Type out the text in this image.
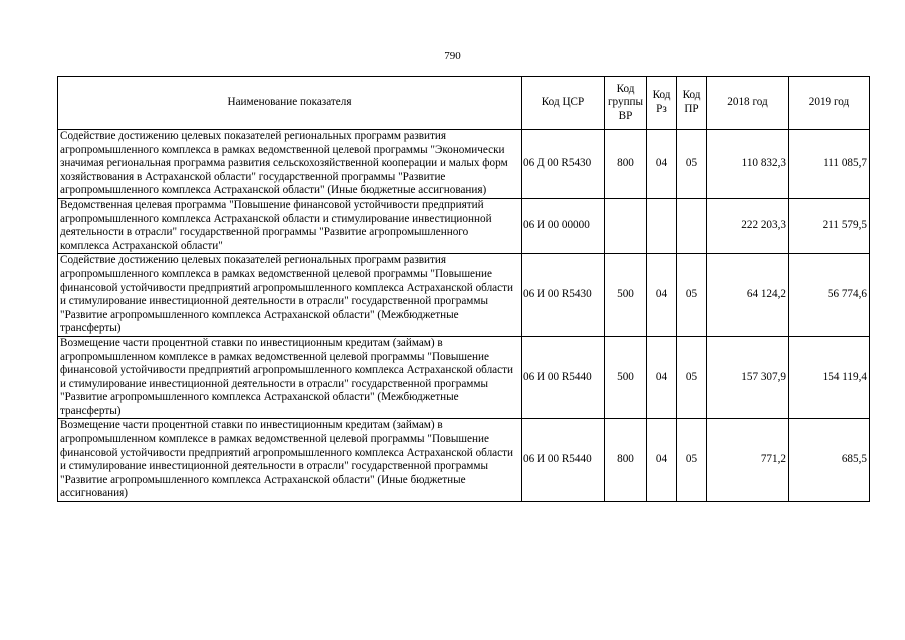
790
Наименование показателя	Код ЦСР	Код группы ВР	Код Рз	Код ПР	2018 год	2019 год
Содействие достижению целевых показателей региональных программ развития агропромышленного комплекса в рамках ведомственной целевой программы "Экономически значимая региональная программа развития сельскохозяйственной кооперации и малых форм хозяйствования в Астраханской области" государственной программы "Развитие агропромышленного комплекса Астраханской области" (Иные бюджетные ассигнования)	06 Д 00 R5430	800	04	05	110 832,3	111 085,7
Ведомственная целевая программа "Повышение финансовой устойчивости предприятий агропромышленного комплекса Астраханской области и стимулирование инвестиционной деятельности в отрасли" государственной программы "Развитие агропромышленного комплекса Астраханской области"	06 И 00 00000				222 203,3	211 579,5
Содействие достижению целевых показателей региональных программ развития агропромышленного комплекса в рамках ведомственной целевой программы "Повышение финансовой устойчивости предприятий агропромышленного комплекса Астраханской области и стимулирование инвестиционной деятельности в отрасли" государственной программы "Развитие агропромышленного комплекса Астраханской области" (Межбюджетные трансферты)	06 И 00 R5430	500	04	05	64 124,2	56 774,6
Возмещение части процентной ставки по инвестиционным кредитам (займам) в агропромышленном комплексе в рамках ведомственной целевой программы "Повышение финансовой устойчивости предприятий агропромышленного комплекса Астраханской области и стимулирование инвестиционной деятельности в отрасли" государственной программы "Развитие агропромышленного комплекса Астраханской области" (Межбюджетные трансферты)	06 И 00 R5440	500	04	05	157 307,9	154 119,4
Возмещение части процентной ставки по инвестиционным кредитам (займам) в агропромышленном комплексе в рамках ведомственной целевой программы "Повышение финансовой устойчивости предприятий агропромышленного комплекса Астраханской области и стимулирование инвестиционной деятельности в отрасли" государственной программы "Развитие агропромышленного комплекса Астраханской области" (Иные бюджетные ассигнования)	06 И 00 R5440	800	04	05	771,2	685,5
